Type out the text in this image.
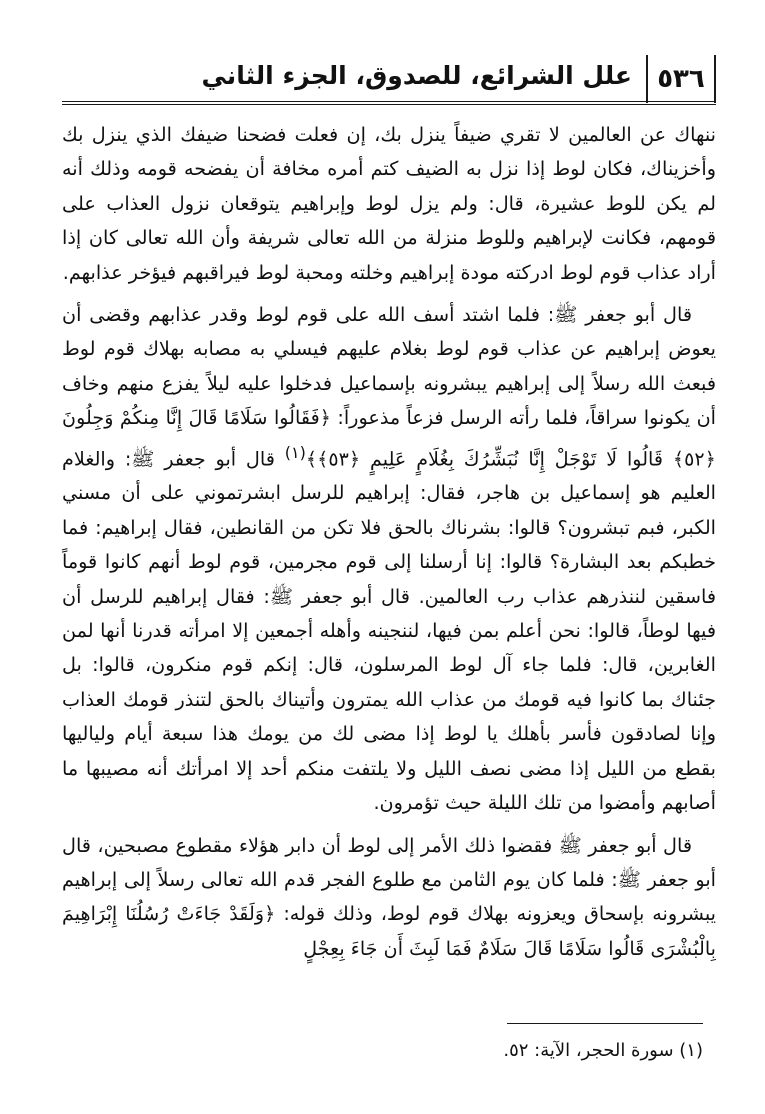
٥٣٦
علل الشرائع، للصدوق، الجزء الثاني

ننهاك عن العالمين لا تقري ضيفاً ينزل بك، إن فعلت فضحنا ضيفك الذي ينزل بك وأخزيناك، فكان لوط إذا نزل به الضيف كتم أمره مخافة أن يفضحه قومه وذلك أنه لم يكن للوط عشيرة، قال: ولم يزل لوط وإبراهيم يتوقعان نزول العذاب على قومهم، فكانت لإبراهيم وللوط منزلة من الله تعالى شريفة وأن الله تعالى كان إذا أراد عذاب قوم لوط ادركته مودة إبراهيم وخلته ومحبة لوط فيراقبهم فيؤخر عذابهم.

قال أبو جعفر ﷺ: فلما اشتد أسف الله على قوم لوط وقدر عذابهم وقضى أن يعوض إبراهيم عن عذاب قوم لوط بغلام عليهم فيسلي به مصابه بهلاك قوم لوط فبعث الله رسلاً إلى إبراهيم يبشرونه بإسماعيل فدخلوا عليه ليلاً يفزع منهم وخاف أن يكونوا سراقاً، فلما رأته الرسل فزعاً مذعوراً: ﴿فَقَالُوا سَلَامًا قَالَ إِنَّا مِنكُمْ وَجِلُونَ ﴿٥٢﴾ قَالُوا لَا تَوْجَلْ إِنَّا نُبَشِّرُكَ بِغُلَامٍ عَلِيمٍ ﴿٥٣﴾﴾$^{(١)}$ قال أبو جعفر ﷺ: والغلام العليم هو إسماعيل بن هاجر، فقال: إبراهيم للرسل ابشرتموني على أن مسني الكبر، فبم تبشرون؟ قالوا: بشرناك بالحق فلا تكن من القانطين، فقال إبراهيم: فما خطبكم بعد البشارة؟ قالوا: إنا أرسلنا إلى قوم مجرمين، قوم لوط أنهم كانوا قوماً فاسقين لننذرهم عذاب رب العالمين. قال أبو جعفر ﷺ: فقال إبراهيم للرسل أن فيها لوطاً، قالوا: نحن أعلم بمن فيها، لننجينه وأهله أجمعين إلا امرأته قدرنا أنها لمن الغابرين، قال: فلما جاء آل لوط المرسلون، قال: إنكم قوم منكرون، قالوا: بل جئناك بما كانوا فيه قومك من عذاب الله يمترون وأتيناك بالحق لتنذر قومك العذاب وإنا لصادقون فأسر بأهلك يا لوط إذا مضى لك من يومك هذا سبعة أيام ولياليها بقطع من الليل إذا مضى نصف الليل ولا يلتفت منكم أحد إلا امرأتك أنه مصيبها ما أصابهم وأمضوا من تلك الليلة حيث تؤمرون.

قال أبو جعفر ﷺ فقضوا ذلك الأمر إلى لوط أن دابر هؤلاء مقطوع مصبحين، قال أبو جعفر ﷺ: فلما كان يوم الثامن مع طلوع الفجر قدم الله تعالى رسلاً إلى إبراهيم يبشرونه بإسحاق ويعزونه بهلاك قوم لوط، وذلك قوله: ﴿وَلَقَدْ جَاءَتْ رُسُلُنَا إِبْرَاهِيمَ بِالْبُشْرَى قَالُوا سَلَامًا قَالَ سَلَامٌ فَمَا لَبِثَ أَن جَاءَ بِعِجْلٍ

(١) سورة الحجر، الآية: ٥٢.
